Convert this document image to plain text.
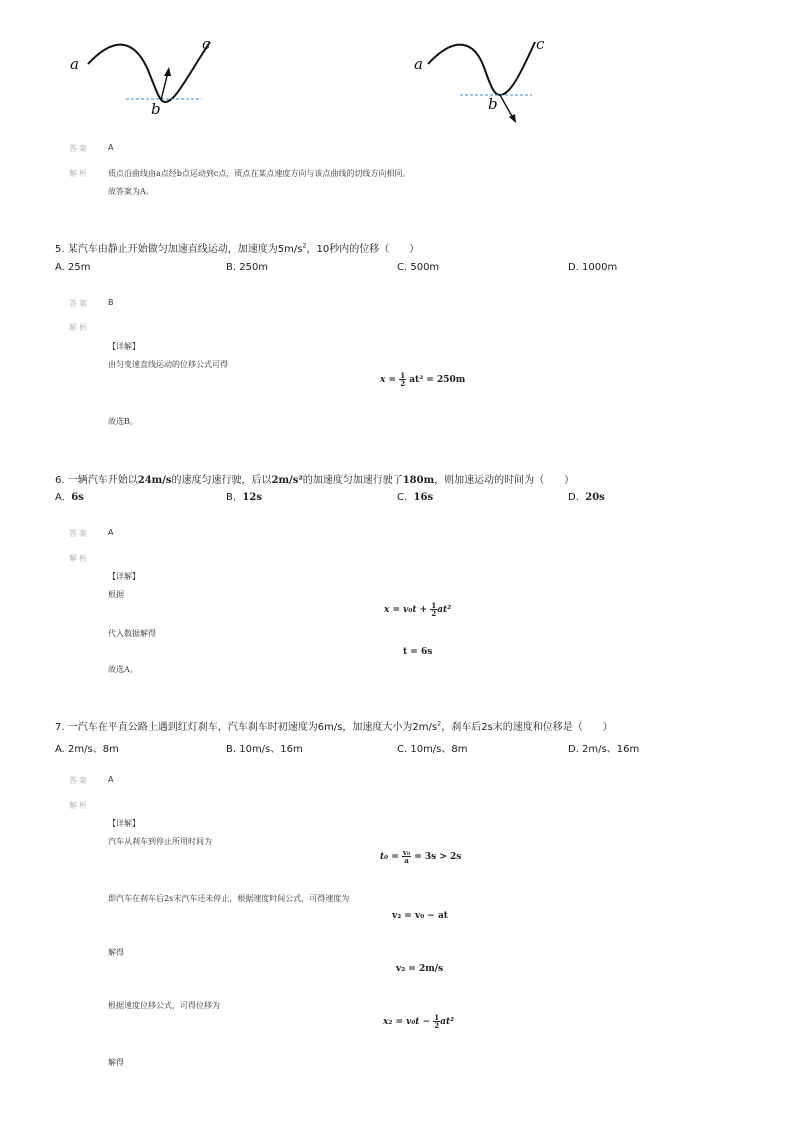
a
b
c
a
b
c
答案 A
解析 质点沿曲线由a点经b点运动到c点，质点在某点速度方向与该点曲线的切线方向相同。
故答案为A。
5. 某汽车由静止开始做匀加速直线运动，加速度为$5m/s^2$，10秒内的位移（　　）
A. 25m	B. 250m	C. 500m	D. 1000m
答案 B
解析
【详解】
由匀变速直线运动的位移公式可得
$x = \frac{1}{2} at^2 = 250m$
故选B。
6. 一辆汽车开始以24m/s的速度匀速行驶，后以2m/s²的加速度匀加速行驶了180m，则加速运动的时间为（　　）
A. 6s	B. 12s	C. 16s	D. 20s
答案 A
解析
【详解】
根据
$x = v_0t + \frac{1}{2} at^2$
代入数据解得
t = 6s
故选A。
7. 一汽车在平直公路上遇到红灯刹车，汽车刹车时初速度为6m/s，加速度大小为$2m/s^2$，刹车后2s末的速度和位移是（　　）
A. 2m/s、8m	B. 10m/s、16m	C. 10m/s、8m	D. 2m/s、16m
答案 A
解析
【详解】
汽车从刹车到停止所用时间为
$t_0 = \frac{\text{v₀}}{a} = 3s > 2s$
即汽车在刹车后2s末汽车还未停止，根据速度时间公式，可得速度为
v₂ = v₀ − at
解得
v₂ = 2m/s
根据速度位移公式，可得位移为
$x_2 = v_0t - \frac{1}{2} at^2$
解得
